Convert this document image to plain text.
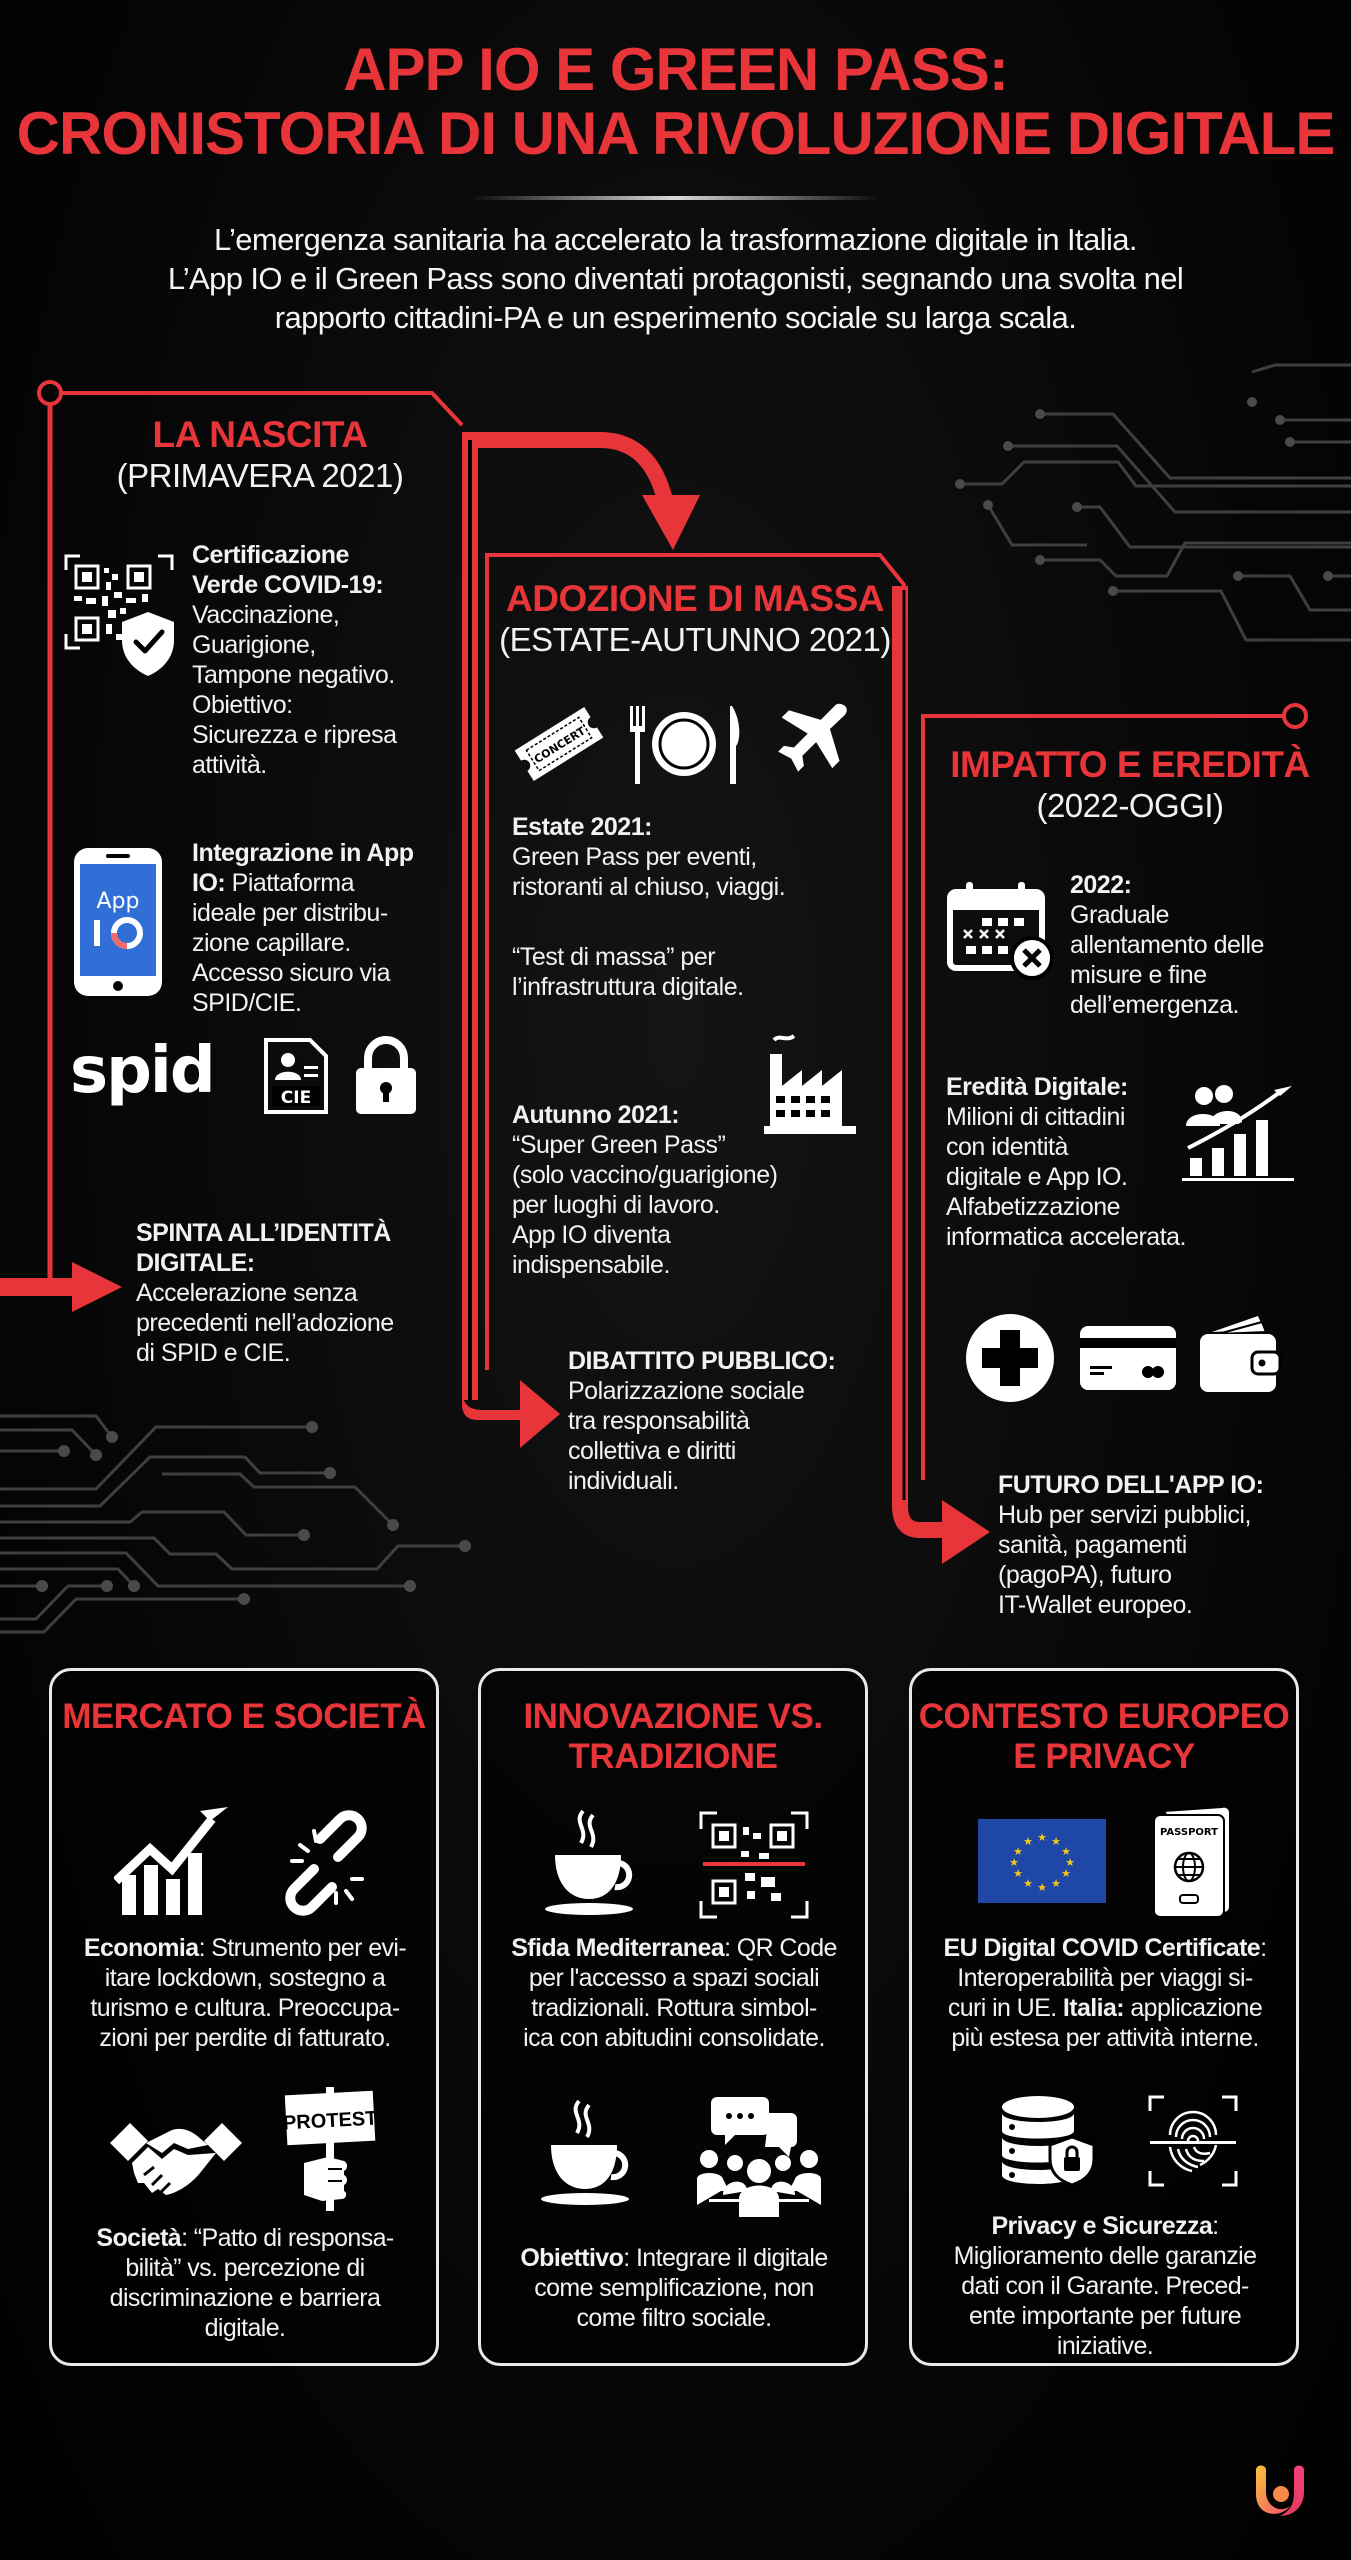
APP IO E GREEN PASS:
CRONISTORIA DI UNA RIVOLUZIONE DIGITALE
L’emergenza sanitaria ha accelerato la trasformazione digitale in Italia.
L’App IO e il Green Pass sono diventati protagonisti, segnando una svolta nel
rapporto cittadini-PA e un esperimento sociale su larga scala.
LA NASCITA
(PRIMAVERA 2021)
Certificazione
Verde COVID-19:
Vaccinazione,
Guarigione,
Tampone negativo.
Obiettivo:
Sicurezza e ripresa
attività.
App
Integrazione in App
IO: Piattaforma
ideale per distribu-
zione capillare.
Accesso sicuro via
SPID/CIE.
spid	CIE
SPINTA ALL’IDENTITÀ
DIGITALE:
Accelerazione senza
precedenti nell’adozione
di SPID e CIE.
ADOZIONE DI MASSA
(ESTATE-AUTUNNO 2021)
CONCERT
Estate 2021:
Green Pass per eventi,
ristoranti al chiuso, viaggi.
“Test di massa” per
l’infrastruttura digitale.
Autunno 2021:
“Super Green Pass”
(solo vaccino/guarigione)
per luoghi di lavoro.
App IO diventa
indispensabile.
DIBATTITO PUBBLICO:
Polarizzazione sociale
tra responsabilità
collettiva e diritti
individuali.
IMPATTO E EREDITÀ
(2022-OGGI)
2022:
Graduale
allentamento delle
misure e fine
dell’emergenza.
Eredità Digitale:
Milioni di cittadini
con identità
digitale e App IO.
Alfabetizzazione
informatica accelerata.
FUTURO DELL'APP IO:
Hub per servizi pubblici,
sanità, pagamenti
(pagoPA), futuro
IT-Wallet europeo.
MERCATO E SOCIETÀ
Economia: Strumento per evi-
itare lockdown, sostegno a
turismo e cultura. Preoccupa-
zioni per perdite di fatturato.
PROTEST
Società: “Patto di responsa-
bilità” vs. percezione di
discriminazione e barriera
digitale.
INNOVAZIONE VS.
TRADIZIONE
Sfida Mediterranea: QR Code
per l'accesso a spazi sociali
tradizionali. Rottura simbol-
ica con abitudini consolidate.
Obiettivo: Integrare il digitale
come semplificazione, non
come filtro sociale.
CONTESTO EUROPEO
E PRIVACY
★ ★
★
★
★
★
★
★
★
★
★
★
PASSPORT
EU Digital COVID Certificate:
Interoperabilità per viaggi si-
curi in UE. Italia: applicazione
più estesa per attività interne.
Privacy e Sicurezza:
Miglioramento delle garanzie
dati con il Garante. Preced-
ente importante per future
iniziative.
